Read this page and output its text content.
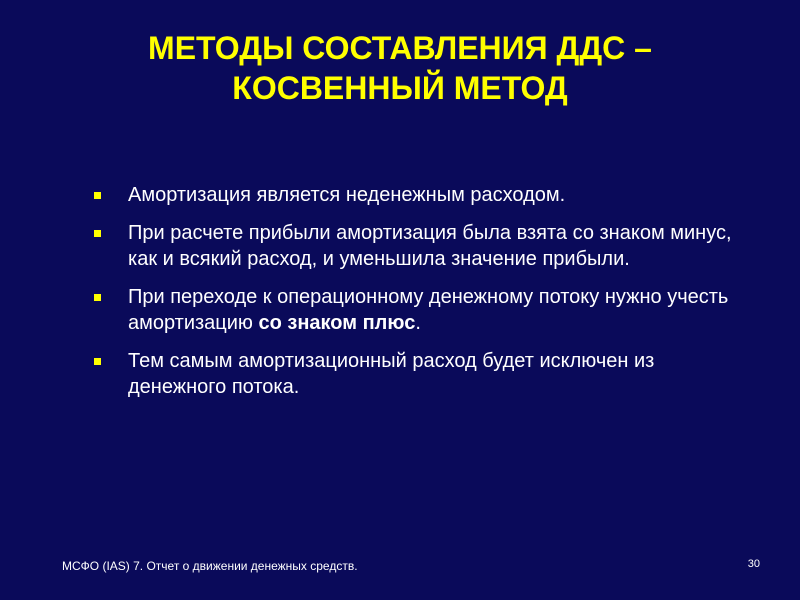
МЕТОДЫ СОСТАВЛЕНИЯ ДДС –
КОСВЕННЫЙ МЕТОД
Амортизация является неденежным расходом.
При расчете прибыли амортизация была взята со знаком минус, как и всякий расход, и уменьшила значение прибыли.
При переходе к операционному денежному потоку нужно учесть амортизацию со знаком плюс.
Тем самым амортизационный расход будет исключен из денежного потока.
МСФО (IAS) 7. Отчет о движении денежных средств.	30
